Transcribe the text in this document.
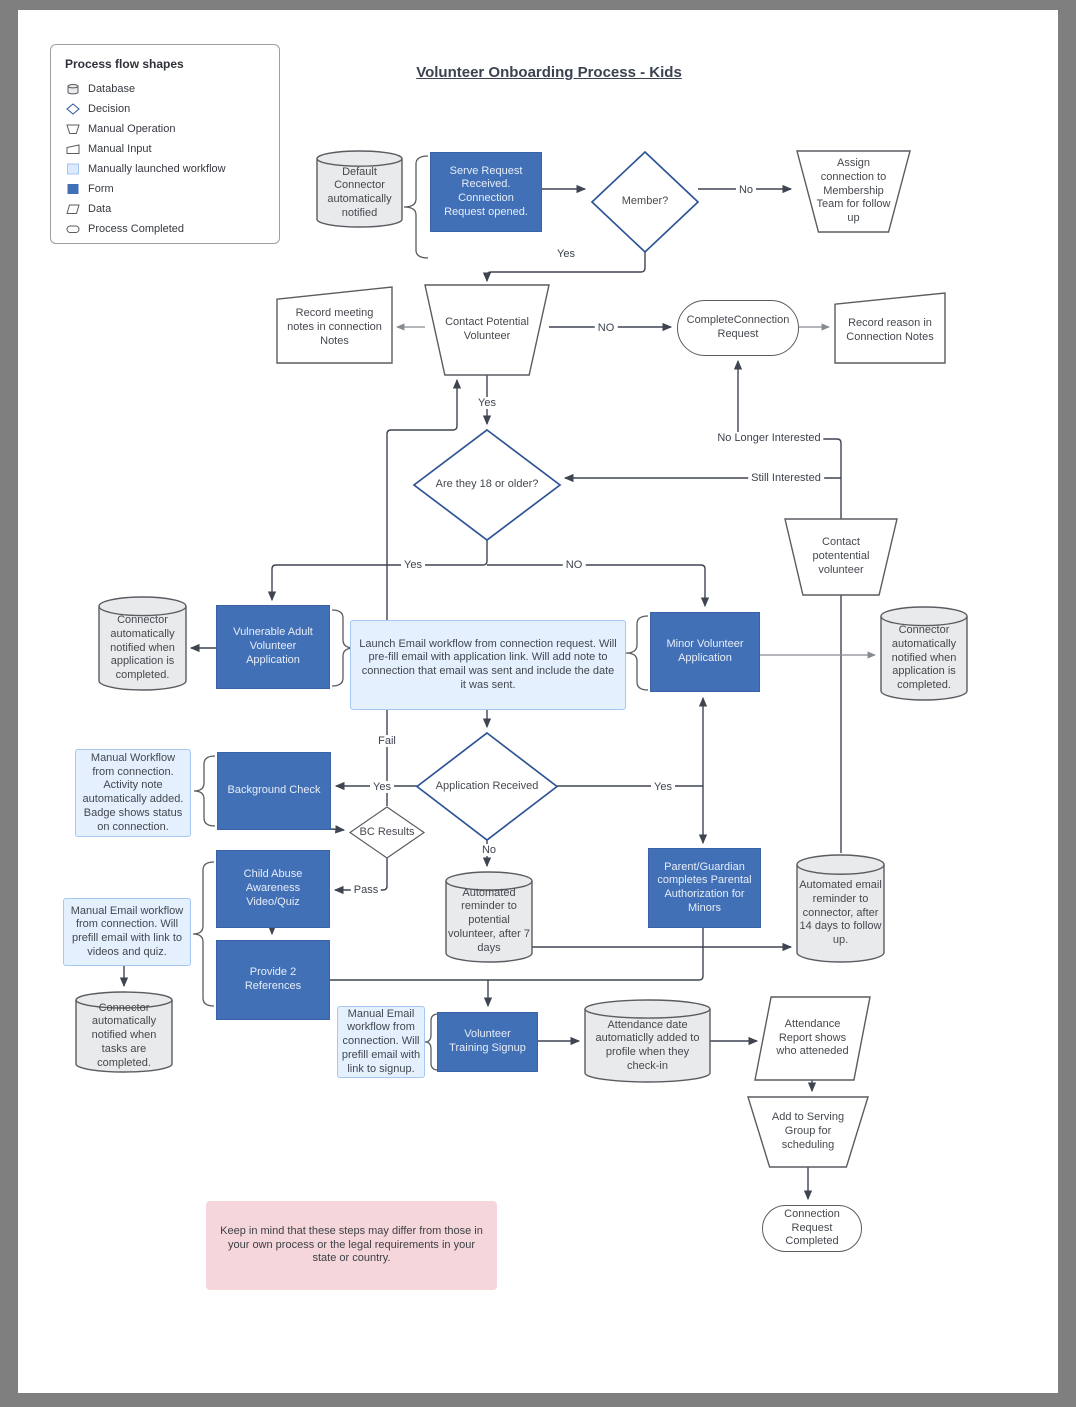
Process flow shapes
Database
Decision
Manual Operation
Manual Input
Manually launched workflow
Form
Data
Process Completed
Volunteer Onboarding Process - Kids
Default Connector automatically notified
Serve Request Received. Connection Request opened.
Member?
Assign connection to Membership Team for follow up
Record meeting notes in connection Notes
Contact Potential Volunteer
CompleteConnection Request
Record reason in Connection Notes
Are they 18 or older?
Contact potentential volunteer
Connector automatically notified when application is completed.
Vulnerable Adult Volunteer Application
Launch Email workflow from connection request. Will pre-fill email with application link. Will add note to connection that email was sent and include the date it was sent.
Minor Volunteer Application
Connector automatically notified when application is completed.
Manual Workflow from connection. Activity note automatically added. Badge shows status on connection.
Background Check
BC Results
Application Received
Child Abuse Awareness Video/Quiz
Manual Email workflow from connection. Will prefill email with link to videos and quiz.
Connector automatically notified when tasks are completed.
Provide 2 References
Parent/Guardian completes Parental Authorization for Minors
Automated reminder to potential volunteer, after 7 days
Automated email reminder to connector, after 14 days to follow up.
Manual Email workflow from connection. Will prefill email with link to signup.
Volunteer Training Signup
Attendance date automaticlly added to profile when they check-in
Attendance Report shows who atteneded
Add to Serving Group for scheduling
Connection Request Completed
Keep in mind that these steps may differ from those in your own process or the legal requirements in your state or country.
No
Yes
NO
Yes
No Longer Interested
Still Interested
Yes	NO
Fail
Yes	Yes
No
Pass
